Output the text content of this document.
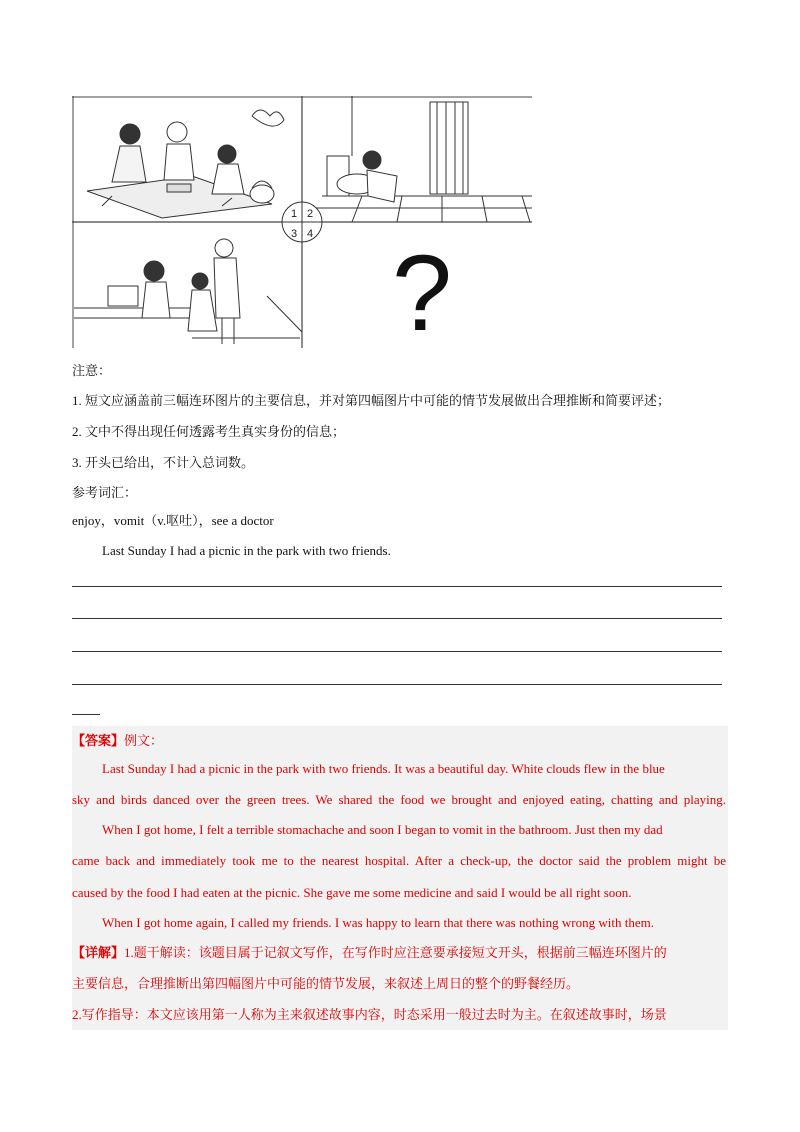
1 2
3 4 ?
注意：
1. 短文应涵盖前三幅连环图片的主要信息，并对第四幅图片中可能的情节发展做出合理推断和简要评述；
2. 文中不得出现任何透露考生真实身份的信息；
3. 开头已给出，不计入总词数。
参考词汇：
enjoy，vomit（v.呕吐），see a doctor
Last Sunday I had a picnic in the park with two friends.
【答案】例文：
Last Sunday I had a picnic in the park with two friends. It was a beautiful day. White clouds flew in the blue
sky and birds danced over the green trees. We shared the food we brought and enjoyed eating, chatting and playing.
When I got home, I felt a terrible stomachache and soon I began to vomit in the bathroom. Just then my dad
came back and immediately took me to the nearest hospital. After a check-up, the doctor said the problem might be
caused by the food I had eaten at the picnic. She gave me some medicine and said I would be all right soon.
When I got home again, I called my friends. I was happy to learn that there was nothing wrong with them.
【详解】1.题干解读：该题目属于记叙文写作，在写作时应注意要承接短文开头，根据前三幅连环图片的
主要信息，合理推断出第四幅图片中可能的情节发展，来叙述上周日的整个的野餐经历。
2.写作指导：本文应该用第一人称为主来叙述故事内容，时态采用一般过去时为主。在叙述故事时，场景
